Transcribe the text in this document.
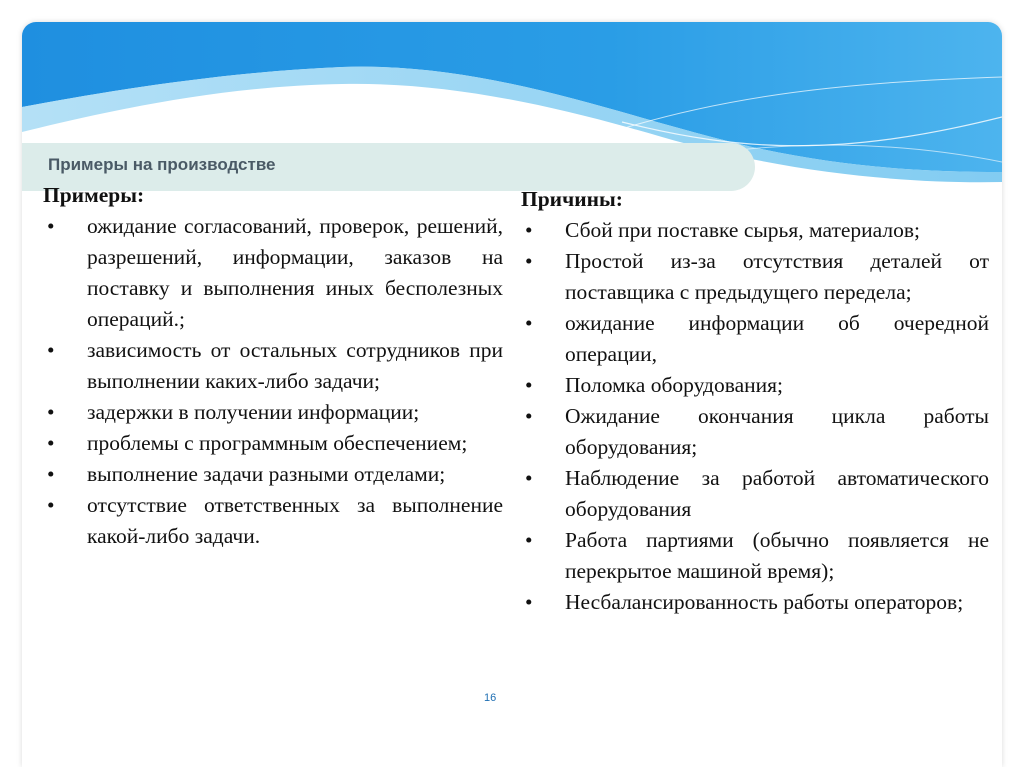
Примеры на производстве
Примеры:
• ожидание согласований, проверок, решений, разрешений, информации, заказов на поставку и выполнения иных бесполезных операций.;
• зависимость от остальных сотрудников при выполнении каких-либо задачи;
• задержки в получении информации;
• проблемы с программным обеспечением;
• выполнение задачи разными отделами;
• отсутствие ответственных за выполнение какой-либо задачи.
Причины:
• Сбой при поставке сырья, материалов;
• Простой из-за отсутствия деталей от поставщика с предыдущего передела;
• ожидание информации об очередной операции,
• Поломка оборудования;
• Ожидание окончания цикла работы оборудования;
• Наблюдение за работой автоматического оборудования
• Работа партиями (обычно появляется не перекрытое машиной время);
• Несбалансированность работы операторов;
16
